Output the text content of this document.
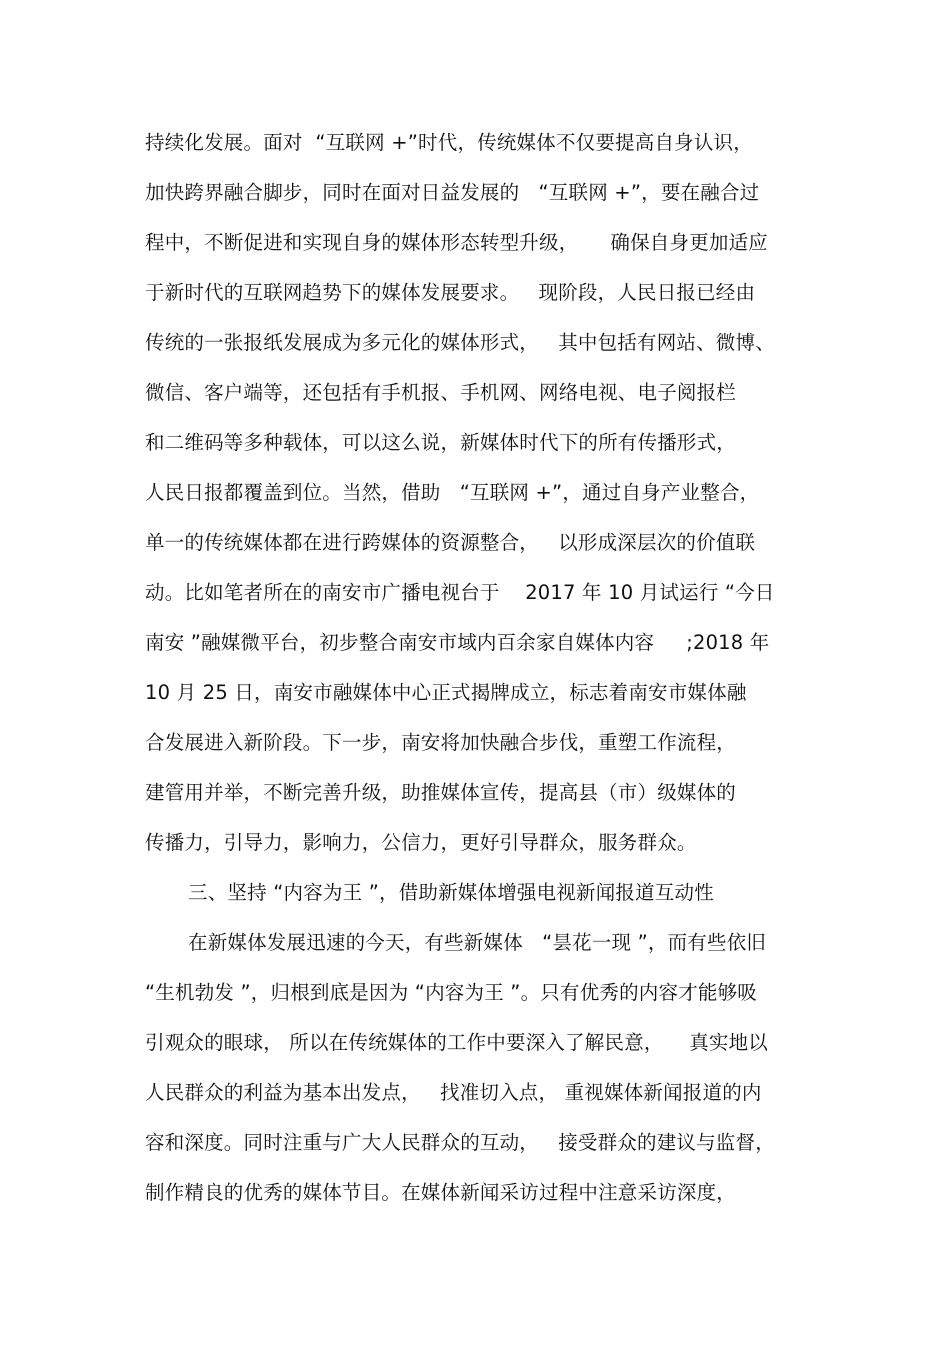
持续化发展。面对  “互联网 +”时代，传统媒体不仅要提高自身认识，
加快跨界融合脚步，同时在面对日益发展的   “互联网 +”，要在融合过
程中，不断促进和实现自身的媒体形态转型升级，     确保自身更加适应
于新时代的互联网趋势下的媒体发展要求。   现阶段，人民日报已经由
传统的一张报纸发展成为多元化的媒体形式，   其中包括有网站、微博、
微信、客户端等，还包括有手机报、手机网、网络电视、电子阅报栏
和二维码等多种载体，可以这么说，新媒体时代下的所有传播形式，
人民日报都覆盖到位。当然，借助   “互联网 +”，通过自身产业整合，
单一的传统媒体都在进行跨媒体的资源整合，   以形成深层次的价值联
动。比如笔者所在的南安市广播电视台于    2017 年 10 月试运行 “今日
南安 ”融媒微平台，初步整合南安市域内百余家自媒体内容     ;2018 年
10 月 25 日，南安市融媒体中心正式揭牌成立，标志着南安市媒体融
合发展进入新阶段。下一步，南安将加快融合步伐，重塑工作流程，
建管用并举，不断完善升级，助推媒体宣传，提高县（市）级媒体的
传播力，引导力，影响力，公信力，更好引导群众，服务群众。
三、坚持 “内容为王 ”，借助新媒体增强电视新闻报道互动性
在新媒体发展迅速的今天，有些新媒体   “昙花一现 ”，而有些依旧
“生机勃发 ”，归根到底是因为 “内容为王 ”。只有优秀的内容才能够吸
引观众的眼球， 所以在传统媒体的工作中要深入了解民意，    真实地以
人民群众的利益为基本出发点，   找准切入点， 重视媒体新闻报道的内
容和深度。同时注重与广大人民群众的互动，   接受群众的建议与监督，
制作精良的优秀的媒体节目。在媒体新闻采访过程中注意采访深度，
